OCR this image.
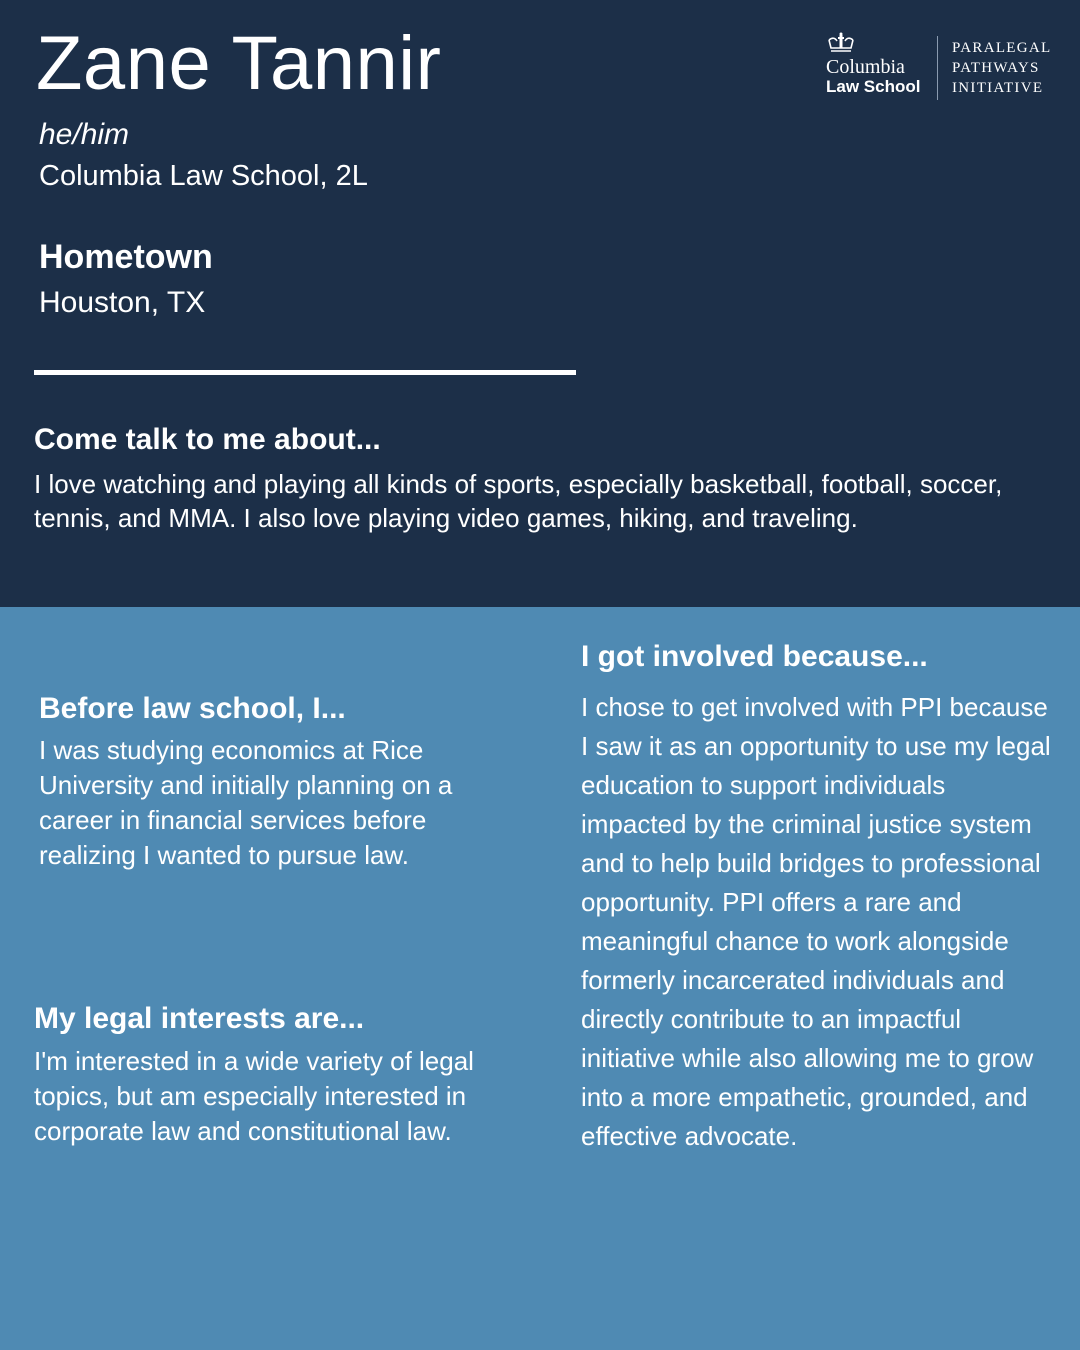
Zane Tannir
he/him
Columbia Law School, 2L
Hometown
Houston, TX
Come talk to me about...
I love watching and playing all kinds of sports, especially basketball, football, soccer, tennis, and MMA. I also love playing video games, hiking, and traveling.
Before law school, I...
I was studying economics at Rice University and initially planning on a career in financial services before realizing I wanted to pursue law.
My legal interests are...
I'm interested in a wide variety of legal topics, but am especially interested in corporate law and constitutional law.
I got involved because...
I chose to get involved with PPI because I saw it as an opportunity to use my legal education to support individuals impacted by the criminal justice system and to help build bridges to professional opportunity. PPI offers a rare and meaningful chance to work alongside formerly incarcerated individuals and directly contribute to an impactful initiative while also allowing me to grow into a more empathetic, grounded, and effective advocate.
Columbia
Law School
PARALEGAL
PATHWAYS
INITIATIVE
